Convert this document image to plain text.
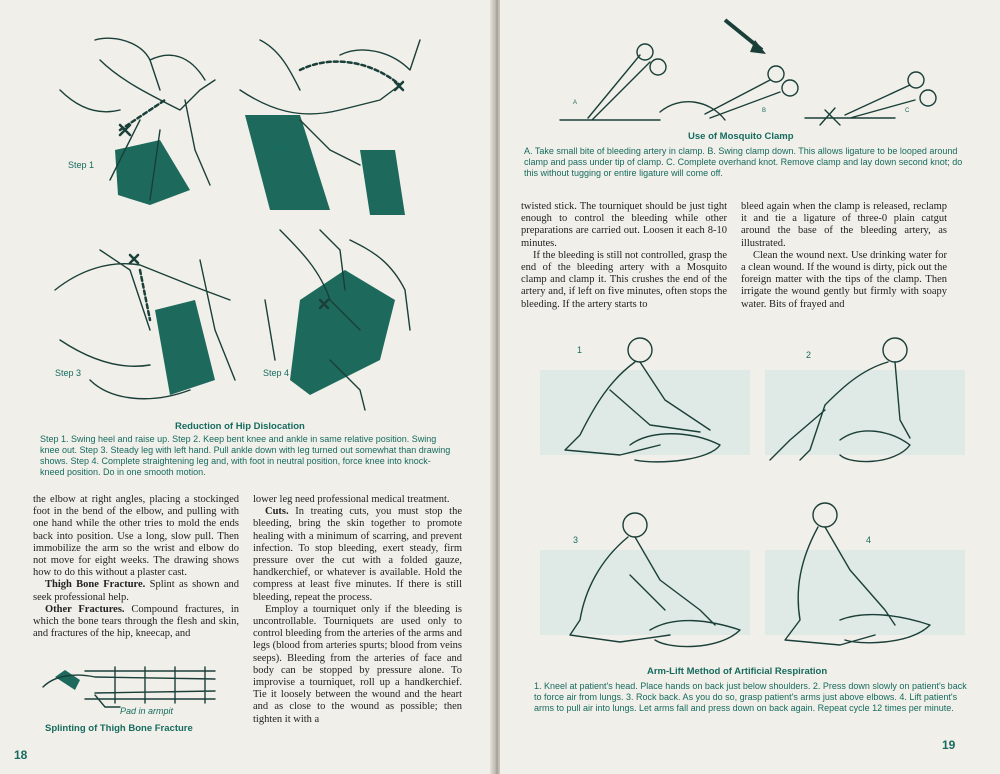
Step 1
Step 2
Step 3	Step 4
Reduction of Hip Dislocation
Step 1. Swing heel and raise up. Step 2. Keep bent knee and ankle in same relative position. Swing knee out. Step 3. Steady leg with left hand. Pull ankle down with leg turned out somewhat than drawing shows. Step 4. Complete straightening leg and, with foot in neutral position, force knee into knock-kneed position. Do in one smooth motion.

the elbow at right angles, placing a stockinged foot in the bend of the elbow, and pulling with one hand while the other tries to mold the ends back into position. Use a long, slow pull. Then immobilize the arm so the wrist and elbow do not move for eight weeks. The drawing shows how to do this without a plaster cast.

Thigh Bone Fracture. Splint as shown and seek professional help.

Other Fractures. Compound fractures, in which the bone tears through the flesh and skin, and fractures of the hip, kneecap, and

Pad in armpit
Splinting of Thigh Bone Fracture

lower leg need professional medical treatment.

Cuts. In treating cuts, you must stop the bleeding, bring the skin together to promote healing with a minimum of scarring, and prevent infection. To stop bleeding, exert steady, firm pressure over the cut with a folded gauze, handkerchief, or whatever is available. Hold the compress at least five minutes. If there is still bleeding, repeat the process.

Employ a tourniquet only if the bleeding is uncontrollable. Tourniquets are used only to control bleeding from the arteries of the arms and legs (blood from arteries spurts; blood from veins seeps). Bleeding from the arteries of face and body can be stopped by pressure alone. To improvise a tourniquet, roll up a handkerchief. Tie it loosely between the wound and the heart and as close to the wound as possible; then tighten it with a

18
A
B	C
Use of Mosquito Clamp
A. Take small bite of bleeding artery in clamp. B. Swing clamp down. This allows ligature to be looped around clamp and pass under tip of clamp. C. Complete overhand knot. Remove clamp and lay down second knot; do this without tugging or entire ligature will come off.

twisted stick. The tourniquet should be just tight enough to control the bleeding while other preparations are carried out. Loosen it each 8-10 minutes.

If the bleeding is still not controlled, grasp the end of the bleeding artery with a Mosquito clamp and clamp it. This crushes the end of the artery and, if left on five minutes, often stops the bleeding. If the artery starts to

bleed again when the clamp is released, reclamp it and tie a ligature of three-0 plain catgut around the base of the bleeding artery, as illustrated.

Clean the wound next. Use drinking water for a clean wound. If the wound is dirty, pick out the foreign matter with the tips of the clamp. Then irrigate the wound gently but firmly with soapy water. Bits of frayed and

1	2
3	4
Arm-Lift Method of Artificial Respiration
1. Kneel at patient's head. Place hands on back just below shoulders. 2. Press down slowly on patient's back to force air from lungs. 3. Rock back. As you do so, grasp patient's arms just above elbows. 4. Lift patient's arms to pull air into lungs. Let arms fall and press down on back again. Repeat cycle 12 times per minute.
19
